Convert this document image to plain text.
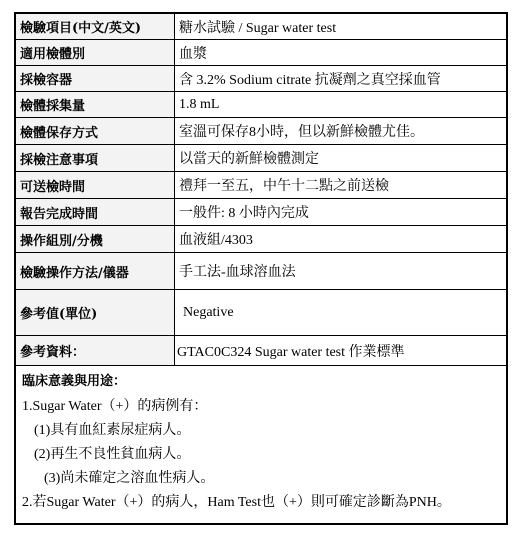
檢驗項目(中文/英文)	糖水試驗 / Sugar water test
適用檢體別	血漿
採檢容器	含 3.2% Sodium citrate 抗凝劑之真空採血管
檢體採集量	1.8 mL
檢體保存方式	室溫可保存8小時，但以新鮮檢體尤佳。
採檢注意事項	以當天的新鮮檢體測定
可送檢時間	禮拜一至五，中午十二點之前送檢
報告完成時間	一般件: 8 小時內完成
操作組別/分機	血液組/4303
檢驗操作方法/儀器	手工法-血球溶血法
參考值(單位)	Negative
參考資料：	GTAC0C324 Sugar water test 作業標準
臨床意義與用途：
1.Sugar Water（+）的病例有：
(1)具有血紅素尿症病人。
(2)再生不良性貧血病人。
(3)尚未確定之溶血性病人。
2.若Sugar Water（+）的病人，Ham Test也（+）則可確定診斷為PNH。
